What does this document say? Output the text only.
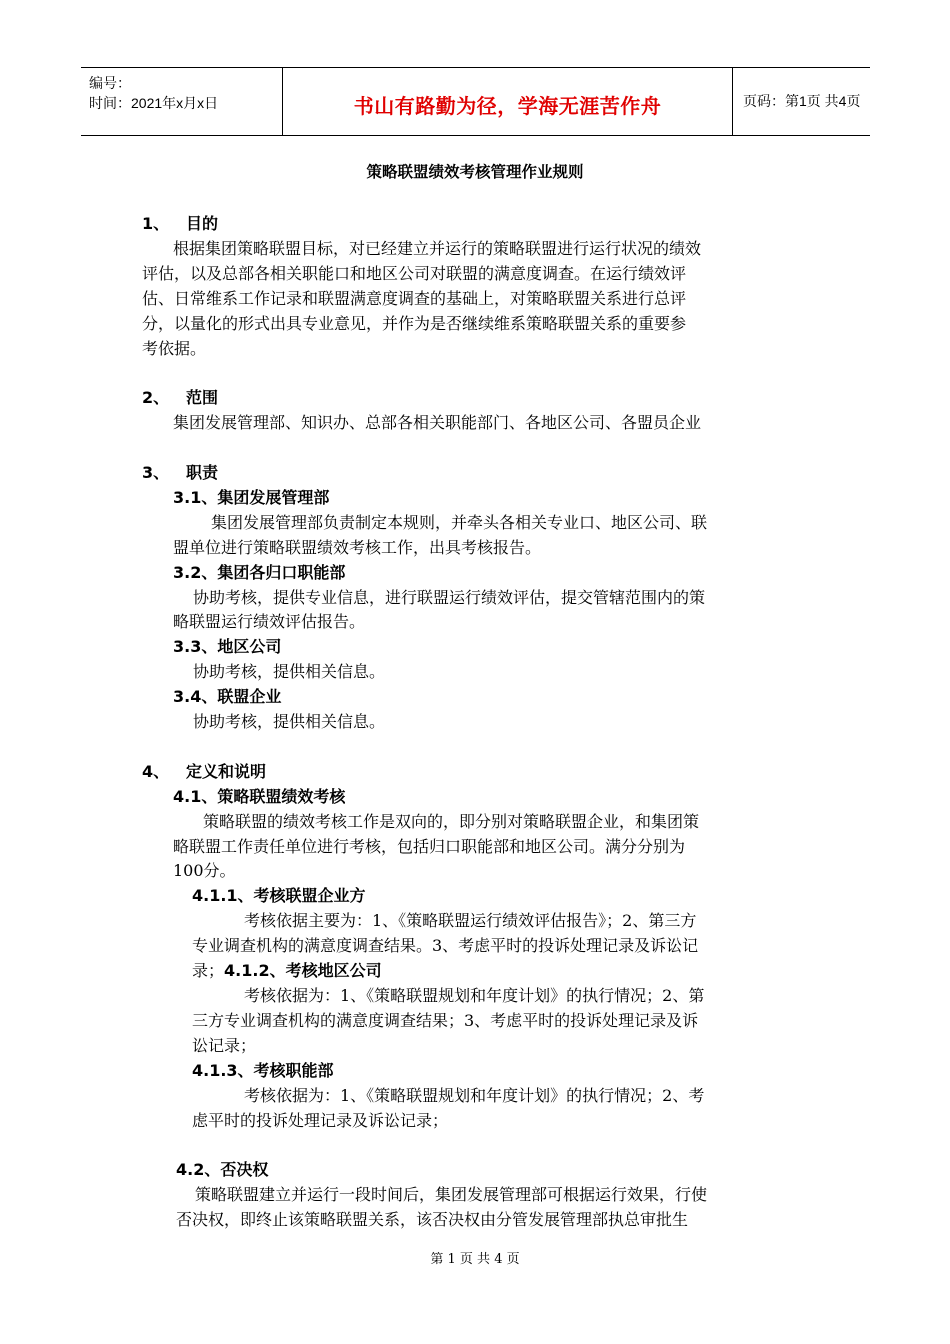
编号：
时间：2021年x月x日	书山有路勤为径，学海无涯苦作舟	页码：第1页 共4页
策略联盟绩效考核管理作业规则
1、 目的
根据集团策略联盟目标，对已经建立并运行的策略联盟进行运行状况的绩效
评估，以及总部各相关职能口和地区公司对联盟的满意度调查。在运行绩效评
估、日常维系工作记录和联盟满意度调查的基础上，对策略联盟关系进行总评
分，以量化的形式出具专业意见，并作为是否继续维系策略联盟关系的重要参
考依据。
2、 范围
集团发展管理部、知识办、总部各相关职能部门、各地区公司、各盟员企业
3、 职责
3.1、集团发展管理部
集团发展管理部负责制定本规则，并牵头各相关专业口、地区公司、联
盟单位进行策略联盟绩效考核工作，出具考核报告。
3.2、集团各归口职能部
协助考核，提供专业信息，进行联盟运行绩效评估，提交管辖范围内的策
略联盟运行绩效评估报告。
3.3、地区公司
协助考核，提供相关信息。
3.4、联盟企业
协助考核，提供相关信息。
4、 定义和说明
4.1、策略联盟绩效考核
策略联盟的绩效考核工作是双向的，即分别对策略联盟企业，和集团策
略联盟工作责任单位进行考核，包括归口职能部和地区公司。满分分别为
100分。
4.1.1、考核联盟企业方
考核依据主要为：1、《策略联盟运行绩效评估报告》；2、第三方
专业调查机构的满意度调查结果。3、考虑平时的投诉处理记录及诉讼记
录；4.1.2、考核地区公司
考核依据为：1、《策略联盟规划和年度计划》的执行情况；2、第
三方专业调查机构的满意度调查结果；3、考虑平时的投诉处理记录及诉
讼记录；
4.1.3、考核职能部
考核依据为：1、《策略联盟规划和年度计划》的执行情况；2、考
虑平时的投诉处理记录及诉讼记录；
4.2、否决权
策略联盟建立并运行一段时间后，集团发展管理部可根据运行效果，行使
否决权，即终止该策略联盟关系，该否决权由分管发展管理部执总审批生
第 1 页 共 4 页
